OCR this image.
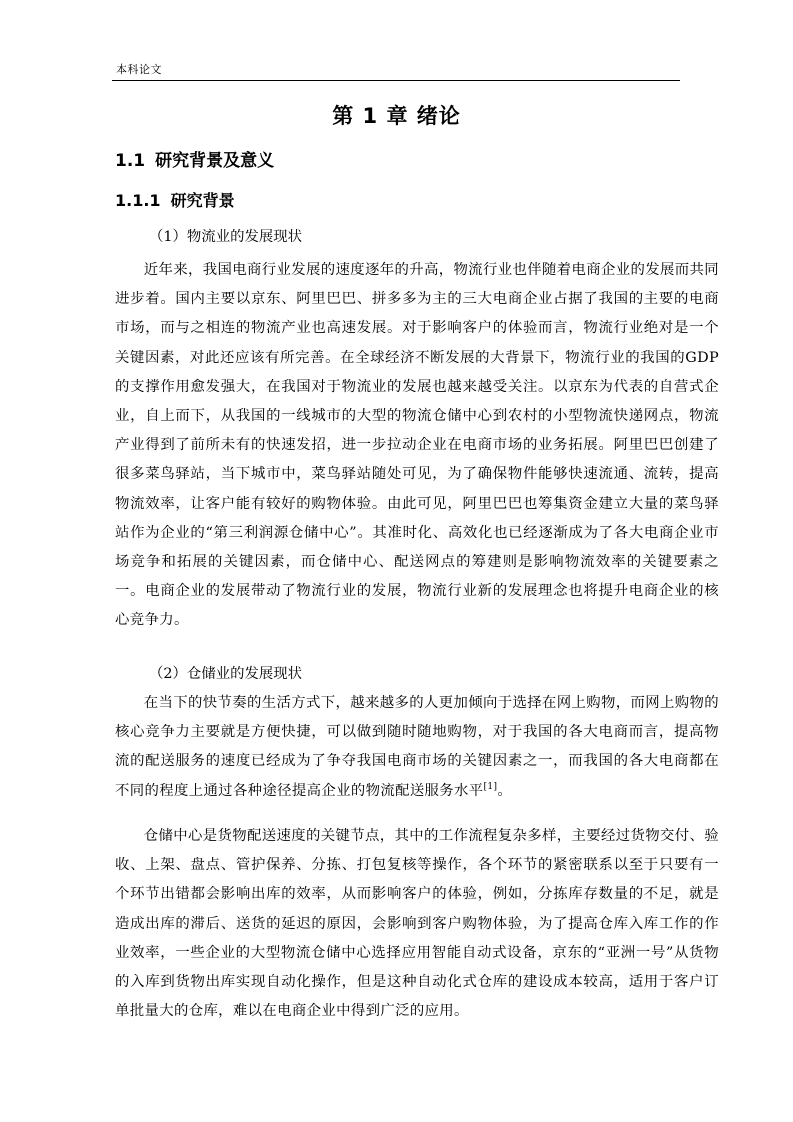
本科论文
第 1 章 绪论
1.1 研究背景及意义
1.1.1 研究背景
（1）物流业的发展现状

近年来，我国电商行业发展的速度逐年的升高，物流行业也伴随着电商企业的发展而共同进步着。国内主要以京东、阿里巴巴、拼多多为主的三大电商企业占据了我国的主要的电商市场，而与之相连的物流产业也高速发展。对于影响客户的体验而言，物流行业绝对是一个关键因素，对此还应该有所完善。在全球经济不断发展的大背景下，物流行业的我国的GDP的支撑作用愈发强大，在我国对于物流业的发展也越来越受关注。以京东为代表的自营式企业，自上而下，从我国的一线城市的大型的物流仓储中心到农村的小型物流快递网点，物流产业得到了前所未有的快速发招，进一步拉动企业在电商市场的业务拓展。阿里巴巴创建了很多菜鸟驿站，当下城市中，菜鸟驿站随处可见，为了确保物件能够快速流通、流转，提高物流效率，让客户能有较好的购物体验。由此可见，阿里巴巴也筹集资金建立大量的菜鸟驿站作为企业的“第三利润源仓储中心”。其准时化、高效化也已经逐渐成为了各大电商企业市场竞争和拓展的关键因素，而仓储中心、配送网点的筹建则是影响物流效率的关键要素之一。电商企业的发展带动了物流行业的发展，物流行业新的发展理念也将提升电商企业的核心竞争力。

（2）仓储业的发展现状

在当下的快节奏的生活方式下，越来越多的人更加倾向于选择在网上购物，而网上购物的核心竞争力主要就是方便快捷，可以做到随时随地购物，对于我国的各大电商而言，提高物流的配送服务的速度已经成为了争夺我国电商市场的关键因素之一，而我国的各大电商都在不同的程度上通过各种途径提高企业的物流配送服务水平[1]。

仓储中心是货物配送速度的关键节点，其中的工作流程复杂多样，主要经过货物交付、验收、上架、盘点、管护保养、分拣、打包复核等操作，各个环节的紧密联系以至于只要有一个环节出错都会影响出库的效率，从而影响客户的体验，例如，分拣库存数量的不足，就是造成出库的滞后、送货的延迟的原因，会影响到客户购物体验，为了提高仓库入库工作的作业效率，一些企业的大型物流仓储中心选择应用智能自动式设备，京东的“亚洲一号”从货物的入库到货物出库实现自动化操作，但是这种自动化式仓库的建设成本较高，适用于客户订单批量大的仓库，难以在电商企业中得到广泛的应用。
